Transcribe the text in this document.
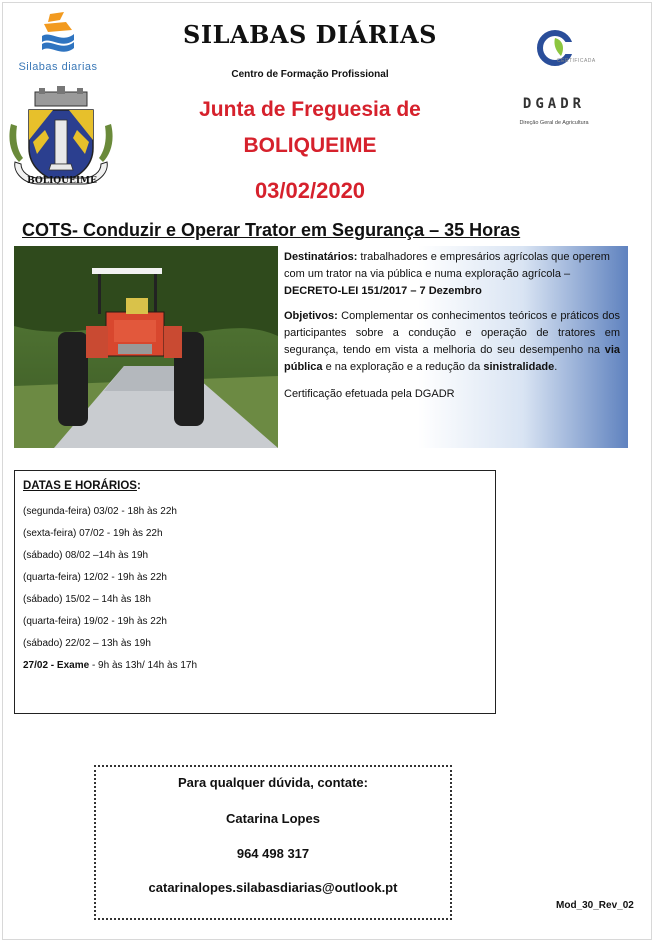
Silabas diarias
SILABAS DIÁRIAS
Centro de Formação Profissional
Junta de Freguesia de
BOLIQUEIME
03/02/2020
BOLIQUEIME
CERTIFICADA
DGADR
Direção Geral de Agricultura
COTS- Conduzir e Operar Trator em Segurança – 35 Horas

Destinatários: trabalhadores e empresários agrícolas que operem com um trator na via pública e numa exploração agrícola – DECRETO-LEI 151/2017 – 7 Dezembro

Objetivos: Complementar os conhecimentos teóricos e práticos dos participantes sobre a condução e operação de tratores em segurança, tendo em vista a melhoria do seu desempenho na via pública e na exploração e a redução da sinistralidade.

Certificação efetuada pela DGADR

DATAS E HORÁRIOS:
(segunda-feira) 03/02 - 18h às 22h
(sexta-feira) 07/02 - 19h às 22h
(sábado) 08/02 –14h às 19h
(quarta-feira) 12/02 - 19h às 22h
(sábado) 15/02 – 14h às 18h
(quarta-feira) 19/02 - 19h às 22h
(sábado) 22/02 – 13h às 19h
27/02 - Exame - 9h às 13h/ 14h às 17h
Para qualquer dúvida, contate:
Catarina Lopes
964 498 317
catarinalopes.silabasdiarias@outlook.pt
Mod_30_Rev_02
